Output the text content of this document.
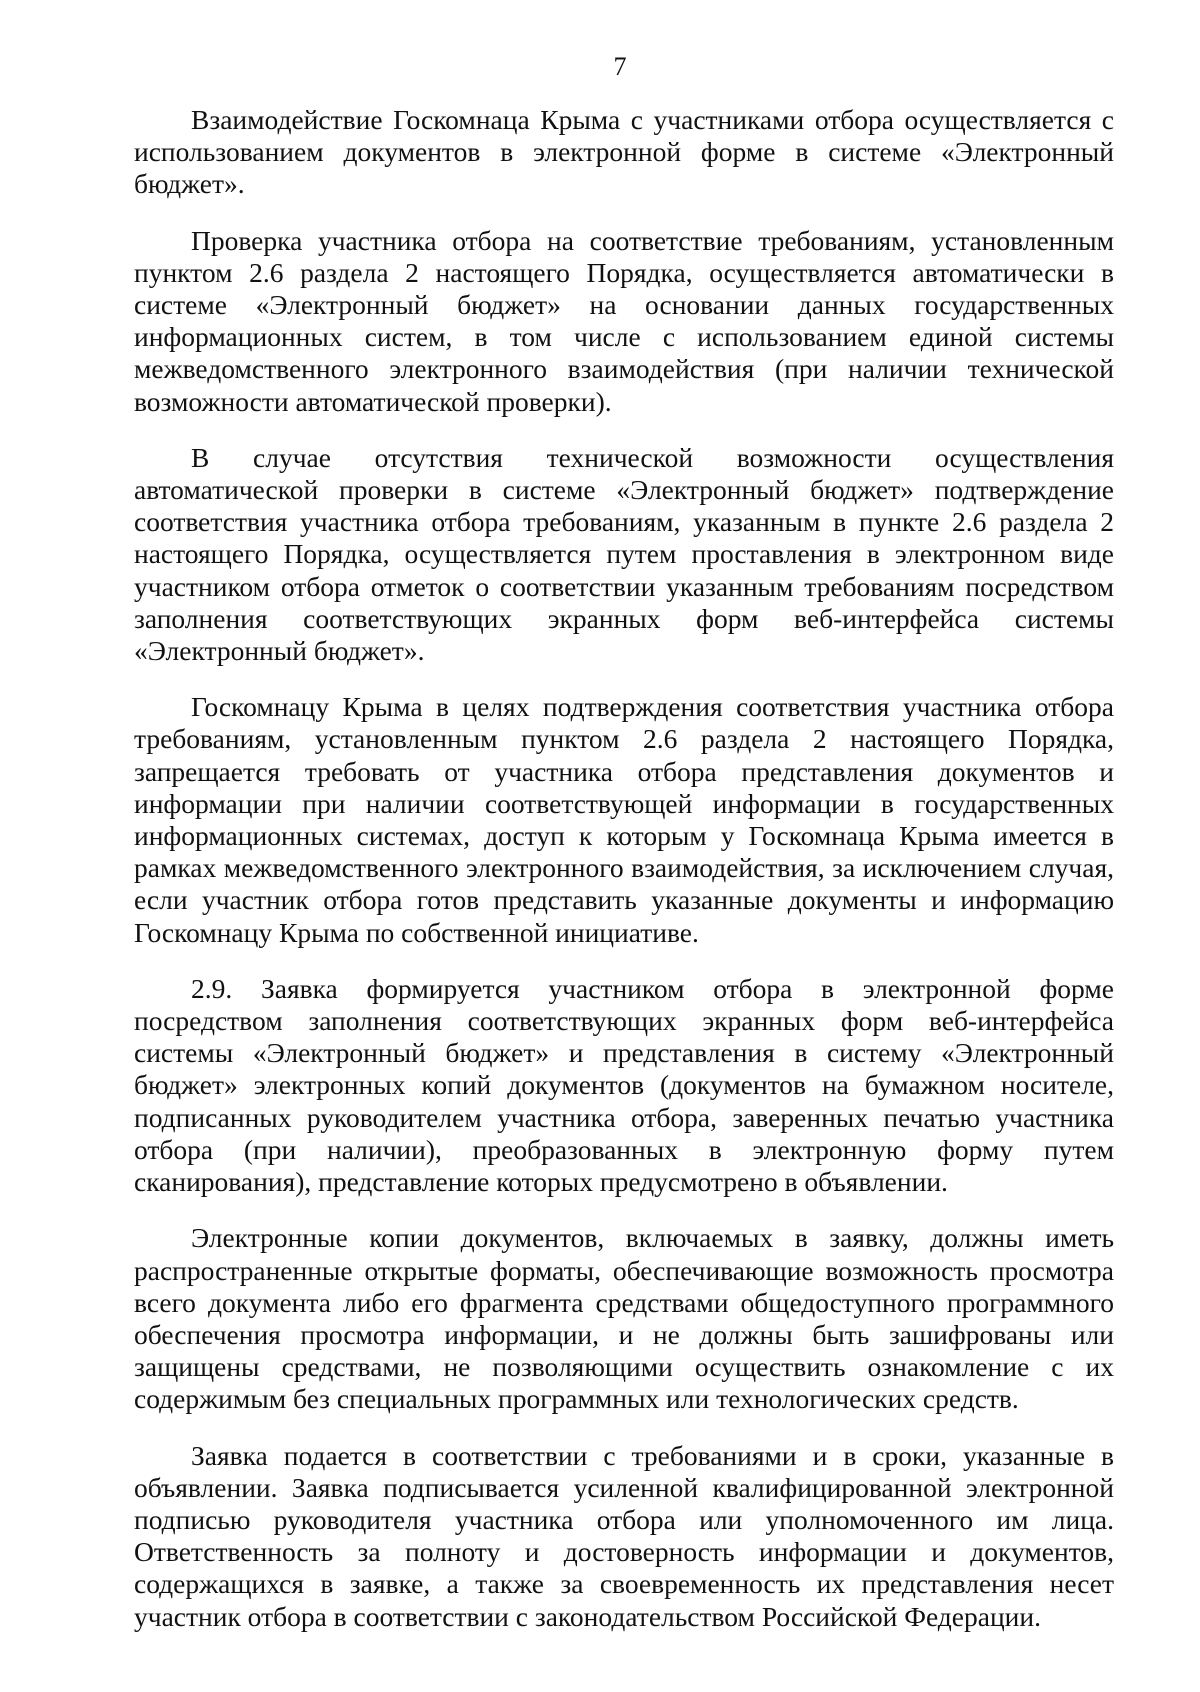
7

Взаимодействие Госкомнаца Крыма с участниками отбора осуществляется с использованием документов в электронной форме в системе «Электронный бюджет».

Проверка участника отбора на соответствие требованиям, установленным пунктом 2.6 раздела 2 настоящего Порядка, осуществляется автоматически в системе «Электронный бюджет» на основании данных государственных информационных систем, в том числе с использованием единой системы межведомственного электронного взаимодействия (при наличии технической возможности автоматической проверки).

В случае отсутствия технической возможности осуществления автоматической проверки в системе «Электронный бюджет» подтверждение соответствия участника отбора требованиям, указанным в пункте 2.6 раздела 2 настоящего Порядка, осуществляется путем проставления в электронном виде участником отбора отметок о соответствии указанным требованиям посредством заполнения соответствующих экранных форм веб-интерфейса системы «Электронный бюджет».

Госкомнацу Крыма в целях подтверждения соответствия участника отбора требованиям, установленным пунктом 2.6 раздела 2 настоящего Порядка, запрещается требовать от участника отбора представления документов и информации при наличии соответствующей информации в государственных информационных системах, доступ к которым у Госкомнаца Крыма имеется в рамках межведомственного электронного взаимодействия, за исключением случая, если участник отбора готов представить указанные документы и информацию Госкомнацу Крыма по собственной инициативе.

2.9. Заявка формируется участником отбора в электронной форме посредством заполнения соответствующих экранных форм веб-интерфейса системы «Электронный бюджет» и представления в систему «Электронный бюджет» электронных копий документов (документов на бумажном носителе, подписанных руководителем участника отбора, заверенных печатью участника отбора (при наличии), преобразованных в электронную форму путем сканирования), представление которых предусмотрено в объявлении.

Электронные копии документов, включаемых в заявку, должны иметь распространенные открытые форматы, обеспечивающие возможность просмотра всего документа либо его фрагмента средствами общедоступного программного обеспечения просмотра информации, и не должны быть зашифрованы или защищены средствами, не позволяющими осуществить ознакомление с их содержимым без специальных программных или технологических средств.

Заявка подается в соответствии с требованиями и в сроки, указанные в объявлении. Заявка подписывается усиленной квалифицированной электронной подписью руководителя участника отбора или уполномоченного им лица. Ответственность за полноту и достоверность информации и документов, содержащихся в заявке, а также за своевременность их представления несет участник отбора в соответствии с законодательством Российской Федерации.
